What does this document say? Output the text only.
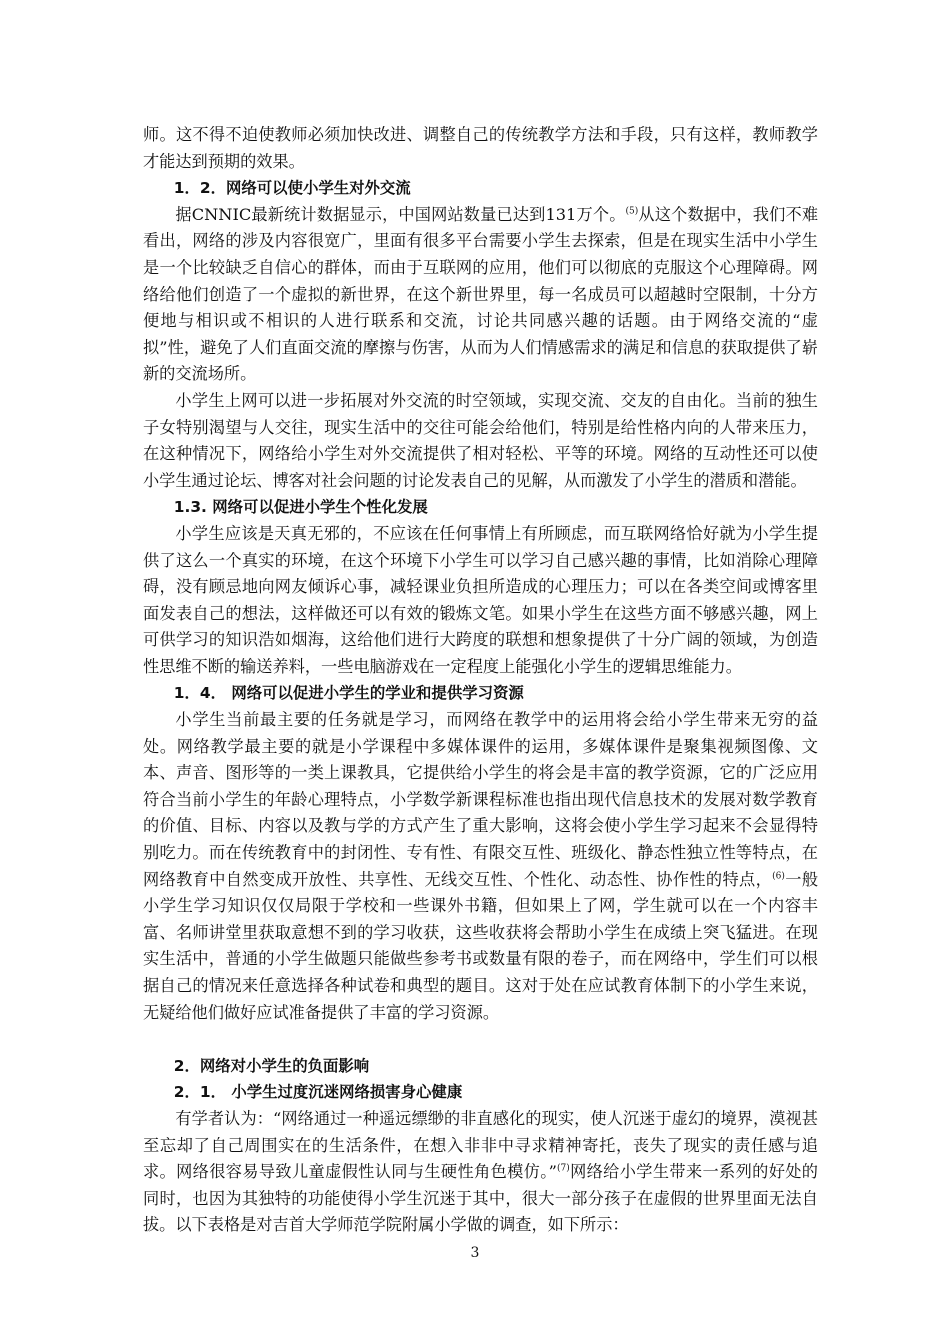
师。这不得不迫使教师必须加快改进、调整自己的传统教学方法和手段，只有这样，教师教学才能达到预期的效果。

1．2．网络可以使小学生对外交流

据CNNIC最新统计数据显示，中国网站数量已达到131万个。$^{(5)}$从这个数据中，我们不难看出，网络的涉及内容很宽广，里面有很多平台需要小学生去探索，但是在现实生活中小学生是一个比较缺乏自信心的群体，而由于互联网的应用，他们可以彻底的克服这个心理障碍。网络给他们创造了一个虚拟的新世界，在这个新世界里，每一名成员可以超越时空限制，十分方便地与相识或不相识的人进行联系和交流，讨论共同感兴趣的话题。由于网络交流的“虚拟”性，避免了人们直面交流的摩擦与伤害，从而为人们情感需求的满足和信息的获取提供了崭新的交流场所。

小学生上网可以进一步拓展对外交流的时空领域，实现交流、交友的自由化。当前的独生子女特别渴望与人交往，现实生活中的交往可能会给他们，特别是给性格内向的人带来压力，在这种情况下，网络给小学生对外交流提供了相对轻松、平等的环境。网络的互动性还可以使小学生通过论坛、博客对社会问题的讨论发表自己的见解，从而激发了小学生的潜质和潜能。

1.3. 网络可以促进小学生个性化发展

小学生应该是天真无邪的，不应该在任何事情上有所顾虑，而互联网络恰好就为小学生提供了这么一个真实的环境，在这个环境下小学生可以学习自己感兴趣的事情，比如消除心理障碍，没有顾忌地向网友倾诉心事，减轻课业负担所造成的心理压力；可以在各类空间或博客里面发表自己的想法，这样做还可以有效的锻炼文笔。如果小学生在这些方面不够感兴趣，网上可供学习的知识浩如烟海，这给他们进行大跨度的联想和想象提供了十分广阔的领域，为创造性思维不断的输送养料，一些电脑游戏在一定程度上能强化小学生的逻辑思维能力。

1．4． 网络可以促进小学生的学业和提供学习资源

小学生当前最主要的任务就是学习，而网络在教学中的运用将会给小学生带来无穷的益处。网络教学最主要的就是小学课程中多媒体课件的运用，多媒体课件是聚集视频图像、文本、声音、图形等的一类上课教具，它提供给小学生的将会是丰富的教学资源，它的广泛应用符合当前小学生的年龄心理特点，小学数学新课程标准也指出现代信息技术的发展对数学教育的价值、目标、内容以及教与学的方式产生了重大影响，这将会使小学生学习起来不会显得特别吃力。而在传统教育中的封闭性、专有性、有限交互性、班级化、静态性独立性等特点，在网络教育中自然变成开放性、共享性、无线交互性、个性化、动态性、协作性的特点，$^{(6)}$一般小学生学习知识仅仅局限于学校和一些课外书籍，但如果上了网，学生就可以在一个内容丰富、名师讲堂里获取意想不到的学习收获，这些收获将会帮助小学生在成绩上突飞猛进。在现实生活中，普通的小学生做题只能做些参考书或数量有限的卷子，而在网络中，学生们可以根据自己的情况来任意选择各种试卷和典型的题目。这对于处在应试教育体制下的小学生来说，无疑给他们做好应试准备提供了丰富的学习资源。

2．网络对小学生的负面影响

2．1． 小学生过度沉迷网络损害身心健康

有学者认为：“网络通过一种遥远缥缈的非直感化的现实，使人沉迷于虚幻的境界，漠视甚至忘却了自己周围实在的生活条件，在想入非非中寻求精神寄托，丧失了现实的责任感与追求。网络很容易导致儿童虚假性认同与生硬性角色模仿。”$^{(7)}$网络给小学生带来一系列的好处的同时，也因为其独特的功能使得小学生沉迷于其中，很大一部分孩子在虚假的世界里面无法自拔。以下表格是对吉首大学师范学院附属小学做的调查，如下所示：

3
